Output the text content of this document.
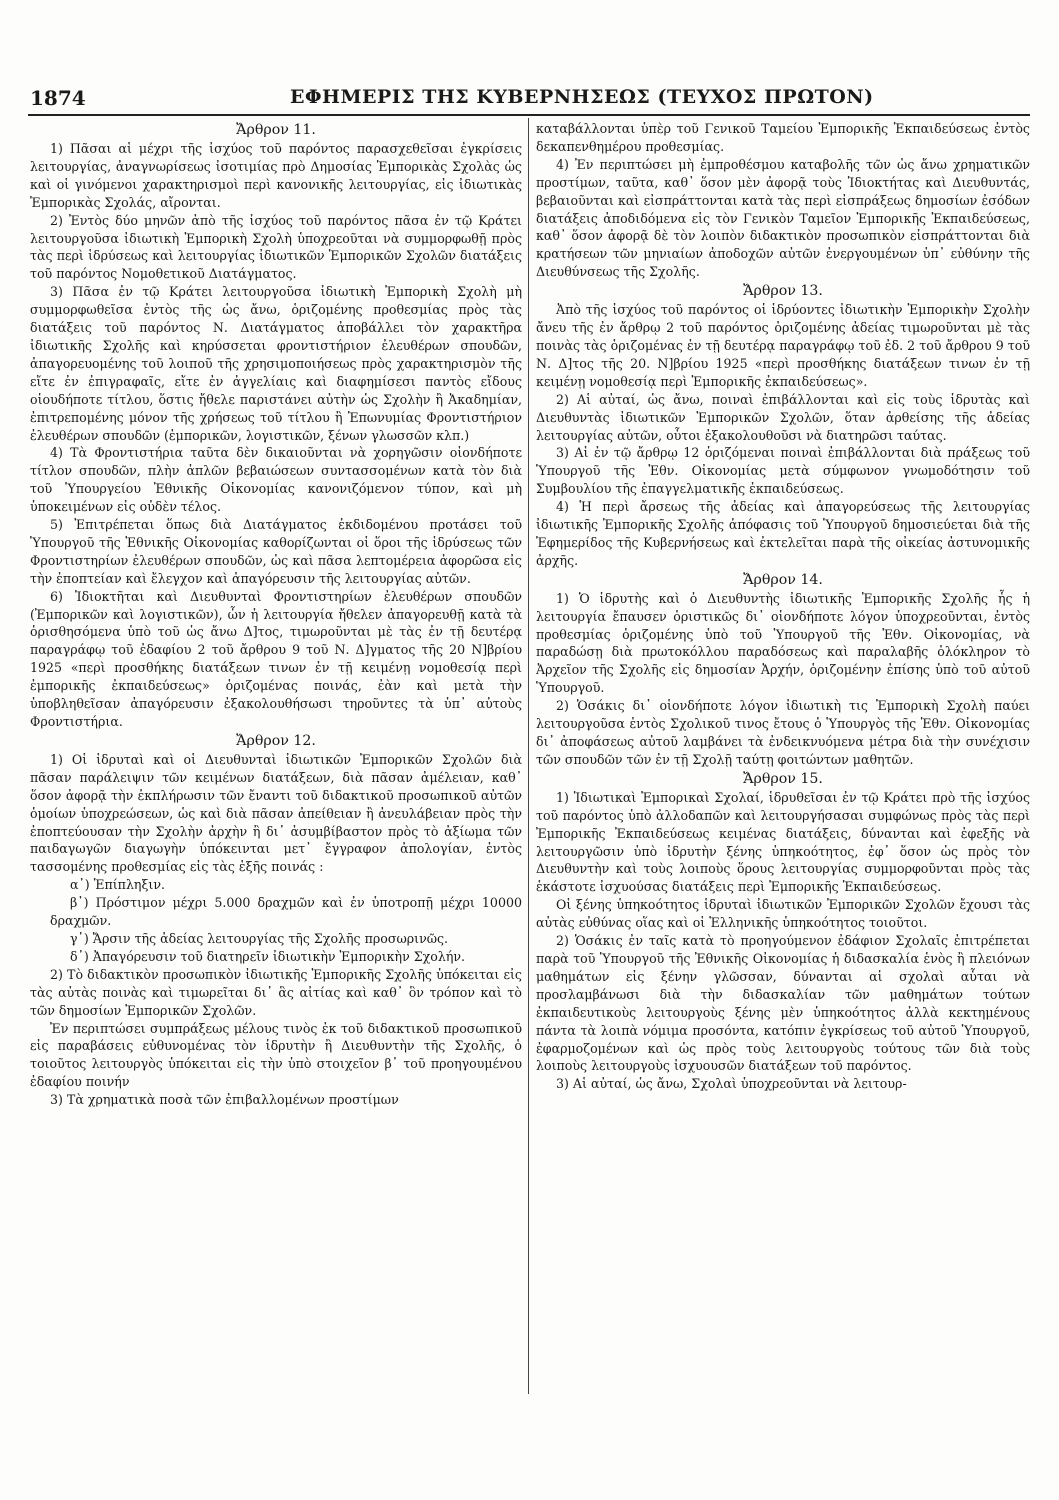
1874	ΕΦΗΜΕΡΙΣ ΤΗΣ ΚΥΒΕΡΝΗΣΕΩΣ (ΤΕΥΧΟΣ ΠΡΩΤΟΝ)
Ἄρθρον 11.

1) Πᾶσαι αἱ μέχρι τῆς ἰσχύος τοῦ παρόντος παρασχεθεῖσαι ἐγκρίσεις λειτουργίας, ἀναγνωρίσεως ἰσοτιμίας πρὸ Δημοσίας Ἐμπορικὰς Σχολὰς ὡς καὶ οἱ γινόμενοι χαρακτηρισμοὶ περὶ κανονικῆς λειτουργίας, εἰς ἰδιωτικὰς Ἐμπορικὰς Σχολάς, αἴρονται.

2) Ἐντὸς δύο μηνῶν ἀπὸ τῆς ἰσχύος τοῦ παρόντος πᾶσα ἐν τῷ Κράτει λειτουργοῦσα ἰδιωτικὴ Ἐμπορικὴ Σχολὴ ὑποχρεοῦται νὰ συμμορφωθῇ πρὸς τὰς περὶ ἱδρύσεως καὶ λειτουργίας ἰδιωτικῶν Ἐμπορικῶν Σχολῶν διατάξεις τοῦ παρόντος Νομοθετικοῦ Διατάγματος.

3) Πᾶσα ἐν τῷ Κράτει λειτουργοῦσα ἰδιωτικὴ Ἐμπορικὴ Σχολὴ μὴ συμμορφωθεῖσα ἐντὸς τῆς ὡς ἄνω, ὁριζομένης προθεσμίας πρὸς τὰς διατάξεις τοῦ παρόντος Ν. Διατάγματος ἀποβάλλει τὸν χαρακτῆρα ἰδιωτικῆς Σχολῆς καὶ κηρύσσεται φροντιστήριον ἐλευθέρων σπουδῶν, ἀπαγορευομένης τοῦ λοιποῦ τῆς χρησιμοποιήσεως πρὸς χαρακτηρισμὸν τῆς εἴτε ἐν ἐπιγραφαῖς, εἴτε ἐν ἀγγελίαις καὶ διαφημίσεσι παντὸς εἴδους οἱουδήποτε τίτλου, ὅστις ἤθελε παριστάνει αὐτὴν ὡς Σχολὴν ἢ Ἀκαδημίαν, ἐπιτρεπομένης μόνον τῆς χρήσεως τοῦ τίτλου ἢ Ἐπωνυμίας Φροντιστήριον ἐλευθέρων σπουδῶν (ἐμπορικῶν, λογιστικῶν, ξένων γλωσσῶν κλπ.)

4) Τὰ Φροντιστήρια ταῦτα δὲν δικαιοῦνται νὰ χορηγῶσιν οἱονδήποτε τίτλον σπουδῶν, πλὴν ἁπλῶν βεβαιώσεων συντασσομένων κατὰ τὸν διὰ τοῦ Ὑπουργείου Ἐθνικῆς Οἰκονομίας κανονιζόμενον τύπον, καὶ μὴ ὑποκειμένων εἰς οὐδὲν τέλος.

5) Ἐπιτρέπεται ὅπως διὰ Διατάγματος ἐκδιδομένου προτάσει τοῦ Ὑπουργοῦ τῆς Ἐθνικῆς Οἰκονομίας καθορίζωνται οἱ ὅροι τῆς ἱδρύσεως τῶν Φροντιστηρίων ἐλευθέρων σπουδῶν, ὡς καὶ πᾶσα λεπτομέρεια ἀφορῶσα εἰς τὴν ἐποπτείαν καὶ ἔλεγχον καὶ ἀπαγόρευσιν τῆς λειτουργίας αὐτῶν.

6) Ἰδιοκτῆται καὶ Διευθυνταὶ Φροντιστηρίων ἐλευθέρων σπουδῶν (Ἐμπορικῶν καὶ λογιστικῶν), ὧν ἡ λειτουργία ἤθελεν ἀπαγορευθῇ κατὰ τὰ ὁρισθησόμενα ὑπὸ τοῦ ὡς ἄνω Δ]τος, τιμωροῦνται μὲ τὰς ἐν τῇ δευτέρᾳ παραγράφῳ τοῦ ἐδαφίου 2 τοῦ ἄρθρου 9 τοῦ Ν. Δ]γματος τῆς 20 Ν]βρίου 1925 «περὶ προσθήκης διατάξεων τινων ἐν τῇ κειμένῃ νομοθεσίᾳ περὶ ἐμπορικῆς ἐκπαιδεύσεως» ὁριζομένας ποινάς, ἐὰν καὶ μετὰ τὴν ὑποβληθεῖσαν ἀπαγόρευσιν ἐξακολουθήσωσι τηροῦντες τὰ ὑπ᾽ αὐτοὺς Φροντιστήρια.

Ἄρθρον 12.

1) Οἱ ἱδρυταὶ καὶ οἱ Διευθυνταὶ ἰδιωτικῶν Ἐμπορικῶν Σχολῶν διὰ πᾶσαν παράλειψιν τῶν κειμένων διατάξεων, διὰ πᾶσαν ἀμέλειαν, καθ᾽ ὅσον ἀφορᾷ τὴν ἐκπλήρωσιν τῶν ἔναντι τοῦ διδακτικοῦ προσωπικοῦ αὐτῶν ὁμοίων ὑποχρεώσεων, ὡς καὶ διὰ πᾶσαν ἀπείθειαν ἢ ἀνευλάβειαν πρὸς τὴν ἐποπτεύουσαν τὴν Σχολὴν ἀρχὴν ἢ δι᾽ ἀσυμβίβαστον πρὸς τὸ ἀξίωμα τῶν παιδαγωγῶν διαγωγὴν ὑπόκεινται μετ᾽ ἔγγραφον ἀπολογίαν, ἐντὸς τασσομένης προθεσμίας εἰς τὰς ἑξῆς ποινάς :

α᾽) Ἐπίπληξιν.

β᾽) Πρόστιμον μέχρι 5.000 δραχμῶν καὶ ἐν ὑποτροπῇ μέχρι 10000 δραχμῶν.

γ᾽) Ἄρσιν τῆς ἀδείας λειτουργίας τῆς Σχολῆς προσωρινῶς.

δ᾽) Ἀπαγόρευσιν τοῦ διατηρεῖν ἰδιωτικὴν Ἐμπορικὴν Σχολήν.

2) Τὸ διδακτικὸν προσωπικὸν ἰδιωτικῆς Ἐμπορικῆς Σχολῆς ὑπόκειται εἰς τὰς αὐτὰς ποινὰς καὶ τιμωρεῖται δι᾽ ἃς αἰτίας καὶ καθ᾽ ὃν τρόπον καὶ τὸ τῶν δημοσίων Ἐμπορικῶν Σχολῶν.

Ἐν περιπτώσει συμπράξεως μέλους τινὸς ἐκ τοῦ διδακτικοῦ προσωπικοῦ εἰς παραβάσεις εὐθυνομένας τὸν ἱδρυτὴν ἢ Διευθυντὴν τῆς Σχολῆς, ὁ τοιοῦτος λειτουργὸς ὑπόκειται εἰς τὴν ὑπὸ στοιχεῖον β᾽ τοῦ προηγουμένου ἐδαφίου ποινήν

3) Τὰ χρηματικὰ ποσὰ τῶν ἐπιβαλλομένων προστίμων

καταβάλλονται ὑπὲρ τοῦ Γενικοῦ Ταμείου Ἐμπορικῆς Ἐκπαιδεύσεως ἐντὸς δεκαπενθημέρου προθεσμίας.

4) Ἐν περιπτώσει μὴ ἐμπροθέσμου καταβολῆς τῶν ὡς ἄνω χρηματικῶν προστίμων, ταῦτα, καθ᾽ ὅσον μὲν ἀφορᾷ τοὺς Ἰδιοκτήτας καὶ Διευθυντάς, βεβαιοῦνται καὶ εἰσπράττονται κατὰ τὰς περὶ εἰσπράξεως δημοσίων ἐσόδων διατάξεις ἀποδιδόμενα εἰς τὸν Γενικὸν Ταμεῖον Ἐμπορικῆς Ἐκπαιδεύσεως, καθ᾽ ὅσον ἀφορᾷ δὲ τὸν λοιπὸν διδακτικὸν προσωπικὸν εἰσπράττονται διὰ κρατήσεων τῶν μηνιαίων ἀποδοχῶν αὐτῶν ἐνεργουμένων ὑπ᾽ εὐθύνην τῆς Διευθύνσεως τῆς Σχολῆς.

Ἄρθρον 13.

Ἀπὸ τῆς ἰσχύος τοῦ παρόντος οἱ ἱδρύοντες ἰδιωτικὴν Ἐμπορικὴν Σχολὴν ἄνευ τῆς ἐν ἄρθρῳ 2 τοῦ παρόντος ὁριζομένης ἀδείας τιμωροῦνται μὲ τὰς ποινὰς τὰς ὁριζομένας ἐν τῇ δευτέρᾳ παραγράφῳ τοῦ ἐδ. 2 τοῦ ἄρθρου 9 τοῦ Ν. Δ]τος τῆς 20. Ν]βρίου 1925 «περὶ προσθήκης διατάξεων τινων ἐν τῇ κειμένῃ νομοθεσίᾳ περὶ Ἐμπορικῆς ἐκπαιδεύσεως».

2) Αἱ αὐταί, ὡς ἄνω, ποιναὶ ἐπιβάλλονται καὶ εἰς τοὺς ἱδρυτὰς καὶ Διευθυντὰς ἰδιωτικῶν Ἐμπορικῶν Σχολῶν, ὅταν ἀρθείσης τῆς ἀδείας λειτουργίας αὐτῶν, οὗτοι ἐξακολουθοῦσι νὰ διατηρῶσι ταύτας.

3) Αἱ ἐν τῷ ἄρθρῳ 12 ὁριζόμεναι ποιναὶ ἐπιβάλλονται διὰ πράξεως τοῦ Ὑπουργοῦ τῆς Ἐθν. Οἰκονομίας μετὰ σύμφωνον γνωμοδότησιν τοῦ Συμβουλίου τῆς ἐπαγγελματικῆς ἐκπαιδεύσεως.

4) Ἡ περὶ ἄρσεως τῆς ἀδείας καὶ ἀπαγορεύσεως τῆς λειτουργίας ἰδιωτικῆς Ἐμπορικῆς Σχολῆς ἀπόφασις τοῦ Ὑπουργοῦ δημοσιεύεται διὰ τῆς Ἐφημερίδος τῆς Κυβερνήσεως καὶ ἐκτελεῖται παρὰ τῆς οἰκείας ἀστυνομικῆς ἀρχῆς.

Ἄρθρον 14.

1) Ὁ ἱδρυτὴς καὶ ὁ Διευθυντὴς ἰδιωτικῆς Ἐμπορικῆς Σχολῆς ἧς ἡ λειτουργία ἔπαυσεν ὁριστικῶς δι᾽ οἱονδήποτε λόγον ὑποχρεοῦνται, ἐντὸς προθεσμίας ὁριζομένης ὑπὸ τοῦ Ὑπουργοῦ τῆς Ἐθν. Οἰκονομίας, νὰ παραδώσῃ διὰ πρωτοκόλλου παραδόσεως καὶ παραλαβῆς ὁλόκληρον τὸ Ἀρχεῖον τῆς Σχολῆς εἰς δημοσίαν Ἀρχήν, ὁριζομένην ἐπίσης ὑπὸ τοῦ αὐτοῦ Ὑπουργοῦ.

2) Ὁσάκις δι᾽ οἱονδήποτε λόγον ἰδιωτικὴ τις Ἐμπορικὴ Σχολὴ παύει λειτουργοῦσα ἐντὸς Σχολικοῦ τινος ἔτους ὁ Ὑπουργὸς τῆς Ἐθν. Οἰκονομίας δι᾽ ἀποφάσεως αὐτοῦ λαμβάνει τὰ ἐνδεικνυόμενα μέτρα διὰ τὴν συνέχισιν τῶν σπουδῶν τῶν ἐν τῇ Σχολῇ ταύτῃ φοιτώντων μαθητῶν.

Ἄρθρον 15.

1) Ἰδιωτικαὶ Ἐμπορικαὶ Σχολαί, ἱδρυθεῖσαι ἐν τῷ Κράτει πρὸ τῆς ἰσχύος τοῦ παρόντος ὑπὸ ἀλλοδαπῶν καὶ λειτουργήσασαι συμφώνως πρὸς τὰς περὶ Ἐμπορικῆς Ἐκπαιδεύσεως κειμένας διατάξεις, δύνανται καὶ ἐφεξῆς νὰ λειτουργῶσιν ὑπὸ ἰδρυτὴν ξένης ὑπηκοότητος, ἐφ᾽ ὅσον ὡς πρὸς τὸν Διευθυντὴν καὶ τοὺς λοιποὺς ὅρους λειτουργίας συμμορφοῦνται πρὸς τὰς ἑκάστοτε ἰσχυούσας διατάξεις περὶ Ἐμπορικῆς Ἐκπαιδεύσεως.

Οἱ ξένης ὑπηκοότητος ἱδρυταὶ ἰδιωτικῶν Ἐμπορικῶν Σχολῶν ἔχουσι τὰς αὐτὰς εὐθύνας οἵας καὶ οἱ Ἑλληνικῆς ὑπηκοότητος τοιοῦτοι.

2) Ὁσάκις ἐν ταῖς κατὰ τὸ προηγούμενον ἐδάφιον Σχολαῖς ἐπιτρέπεται παρὰ τοῦ Ὑπουργοῦ τῆς Ἐθνικῆς Οἰκονομίας ἡ διδασκαλία ἑνὸς ἢ πλειόνων μαθημάτων εἰς ξένην γλῶσσαν, δύνανται αἱ σχολαὶ αὗται νὰ προσλαμβάνωσι διὰ τὴν διδασκαλίαν τῶν μαθημάτων τούτων ἐκπαιδευτικοὺς λειτουργοὺς ξένης μὲν ὑπηκοότητος ἀλλὰ κεκτημένους πάντα τὰ λοιπὰ νόμιμα προσόντα, κατόπιν ἐγκρίσεως τοῦ αὐτοῦ Ὑπουργοῦ, ἐφαρμοζομένων καὶ ὡς πρὸς τοὺς λειτουργοὺς τούτους τῶν διὰ τοὺς λοιποὺς λειτουργοὺς ἰσχυουσῶν διατάξεων τοῦ παρόντος.

3) Αἱ αὐταί, ὡς ἄνω, Σχολαὶ ὑποχρεοῦνται νὰ λειτουρ-
